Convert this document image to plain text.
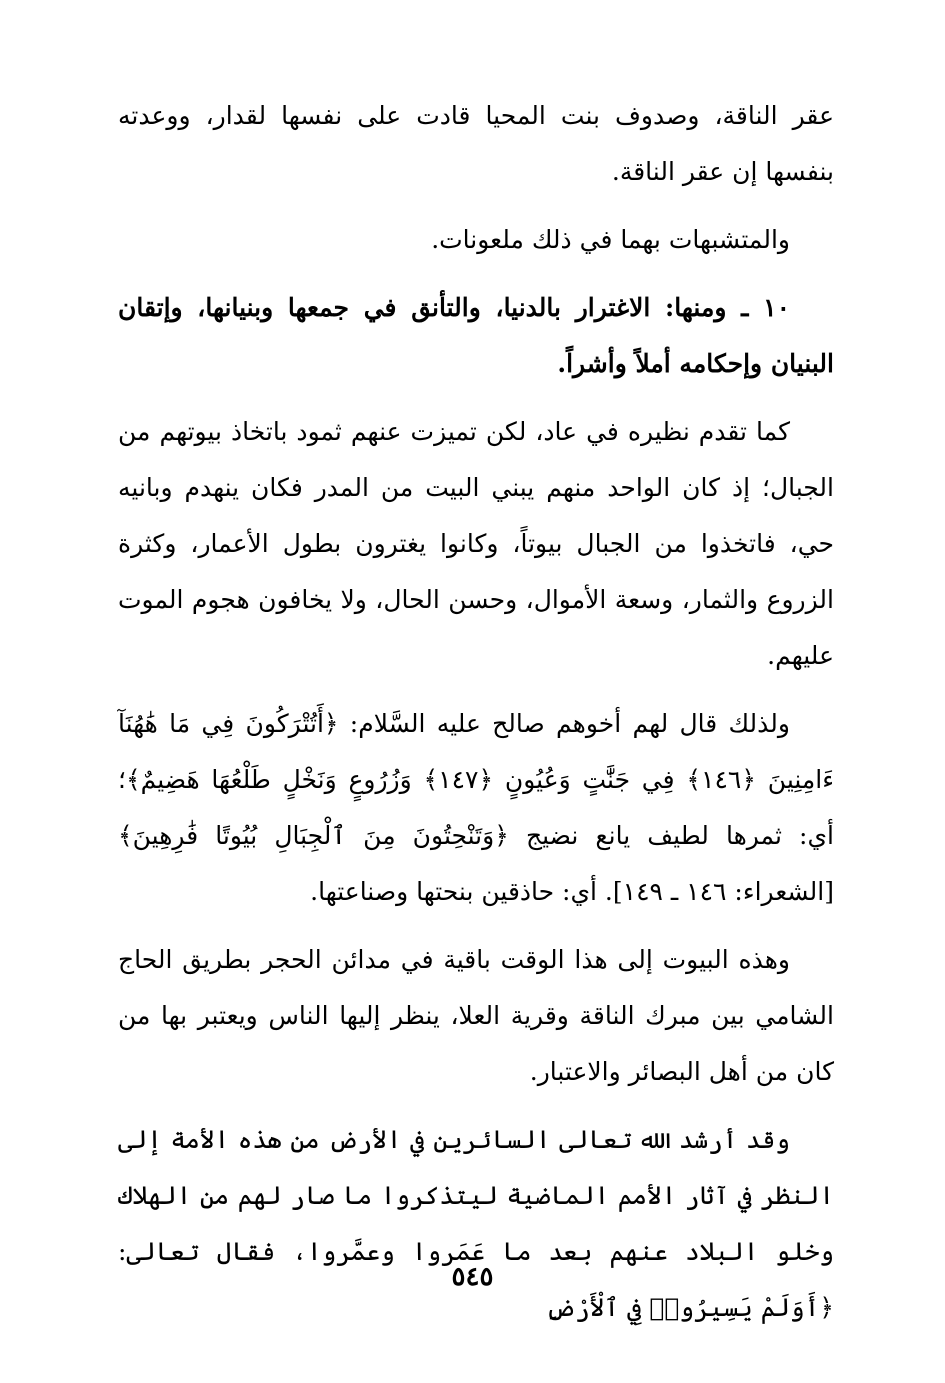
عقر الناقة، وصدوف بنت المحيا قادت على نفسها لقدار، ووعدته بنفسها إن عقر الناقة.

والمتشبهات بهما في ذلك ملعونات.

١٠ ـ ومنها: الاغترار بالدنيا، والتأنق في جمعها وبنيانها، وإتقان البنيان وإحكامه أملاً وأشراً.

كما تقدم نظيره في عاد، لكن تميزت عنهم ثمود باتخاذ بيوتهم من الجبال؛ إذ كان الواحد منهم يبني البيت من المدر فكان ينهدم وبانيه حي، فاتخذوا من الجبال بيوتاً، وكانوا يغترون بطول الأعمار، وكثرة الزروع والثمار، وسعة الأموال، وحسن الحال، ولا يخافون هجوم الموت عليهم.

ولذلك قال لهم أخوهم صالح عليه السَّلام: ﴿أَتُتْرَكُونَ فِي مَا هَٰهُنَآ ءَامِنِينَ ﴿١٤٦﴾ فِي جَنَّٰتٍ وَعُيُونٍ ﴿١٤٧﴾ وَزُرُوعٍ وَنَخْلٍ طَلْعُهَا هَضِيمٌ﴾؛ أي: ثمرها لطيف يانع نضيج ﴿وَتَنْحِتُونَ مِنَ ٱلْجِبَالِ بُيُوتًا فَٰرِهِينَ﴾ [الشعراء: ١٤٦ ـ ١٤٩]. أي: حاذقين بنحتها وصناعتها.

وهذه البيوت إلى هذا الوقت باقية في مدائن الحجر بطريق الحاج الشامي بين مبرك الناقة وقرية العلا، ينظر إليها الناس ويعتبر بها من كان من أهل البصائر والاعتبار.

وقد أرشد الله تعالى السائرين في الأرض من هذه الأمة إلى النظر في آثار الأمم الماضية ليتذكروا ما صار لهم من الهلاك وخلو البلاد عنهم بعد ما عَمَروا وعمَّروا، فقال تعالى: ﴿أَوَلَمْ يَسِيرُوا۟ فِي ٱلْأَرْضِ

٥٤٥
